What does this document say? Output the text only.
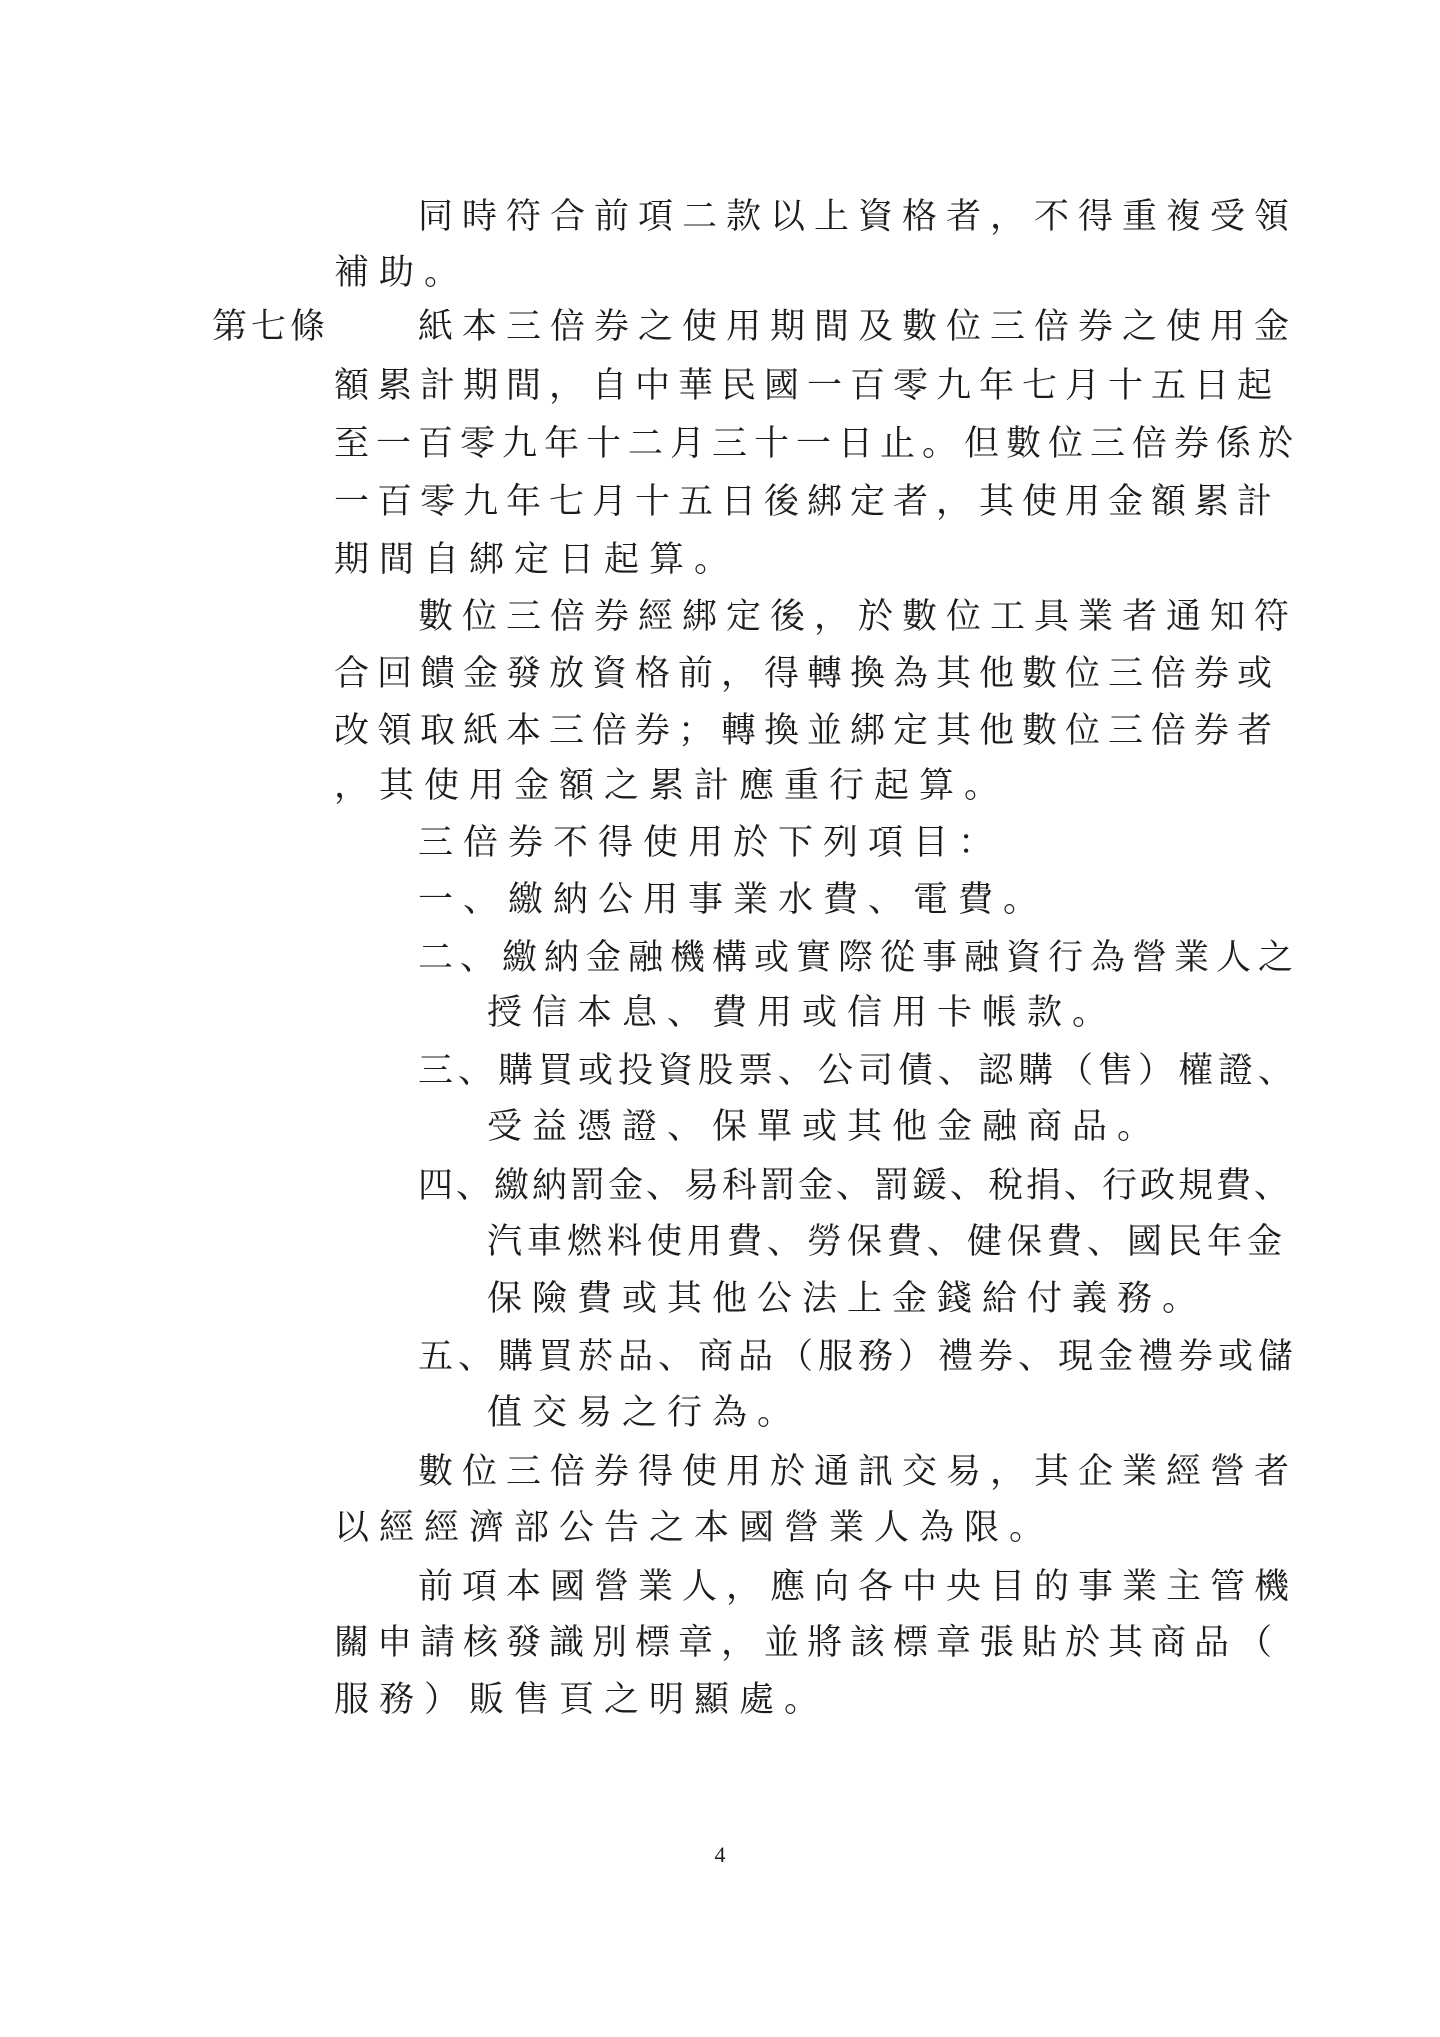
同時符合前項二款以上資格者，不得重複受領
補助。
第七條	紙本三倍券之使用期間及數位三倍券之使用金
額累計期間，自中華民國一百零九年七月十五日起
至一百零九年十二月三十一日止。但數位三倍券係於
一百零九年七月十五日後綁定者，其使用金額累計
期間自綁定日起算。
數位三倍券經綁定後，於數位工具業者通知符
合回饋金發放資格前，得轉換為其他數位三倍券或
改領取紙本三倍券；轉換並綁定其他數位三倍券者
，其使用金額之累計應重行起算。
三倍券不得使用於下列項目：
一、繳納公用事業水費、電費。
二、繳納金融機構或實際從事融資行為營業人之
授信本息、費用或信用卡帳款。
三、購買或投資股票、公司債、認購（售）權證、
受益憑證、保單或其他金融商品。
四、繳納罰金、易科罰金、罰鍰、稅捐、行政規費、
汽車燃料使用費、勞保費、健保費、國民年金
保險費或其他公法上金錢給付義務。
五、購買菸品、商品（服務）禮券、現金禮券或儲
值交易之行為。
數位三倍券得使用於通訊交易，其企業經營者
以經經濟部公告之本國營業人為限。
前項本國營業人，應向各中央目的事業主管機
關申請核發識別標章，並將該標章張貼於其商品（
服務）販售頁之明顯處。
4
